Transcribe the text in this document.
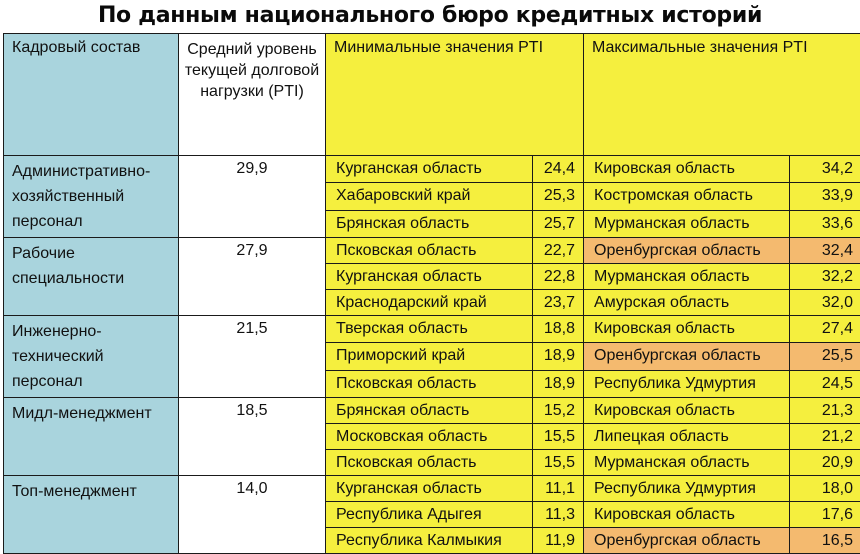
По данным национального бюро кредитных историй
Кадровый состав	Средний уровень текущей долговой нагрузки (PTI)	Минимальные значения PTI		Максимальные значения PTI	
Административно-хозяйственный персонал	29,9	Курганская область	24,4	Кировская область	34,2
		Хабаровский край	25,3	Костромская область	33,9
		Брянская область	25,7	Мурманская область	33,6
Рабочие специальности	27,9	Псковская область	22,7	Оренбургская область	32,4
		Курганская область	22,8	Мурманская область	32,2
		Краснодарский край	23,7	Амурская область	32,0
Инженерно-технический персонал	21,5	Тверская область	18,8	Кировская область	27,4
		Приморский край	18,9	Оренбургская область	25,5
		Псковская область	18,9	Республика Удмуртия	24,5
Мидл-менеджмент	18,5	Брянская область	15,2	Кировская область	21,3
		Московская область	15,5	Липецкая область	21,2
		Псковская область	15,5	Мурманская область	20,9
Топ-менеджмент	14,0	Курганская область	11,1	Республика Удмуртия	18,0
		Республика Адыгея	11,3	Кировская область	17,6
		Республика Калмыкия	11,9	Оренбургская область	16,5
